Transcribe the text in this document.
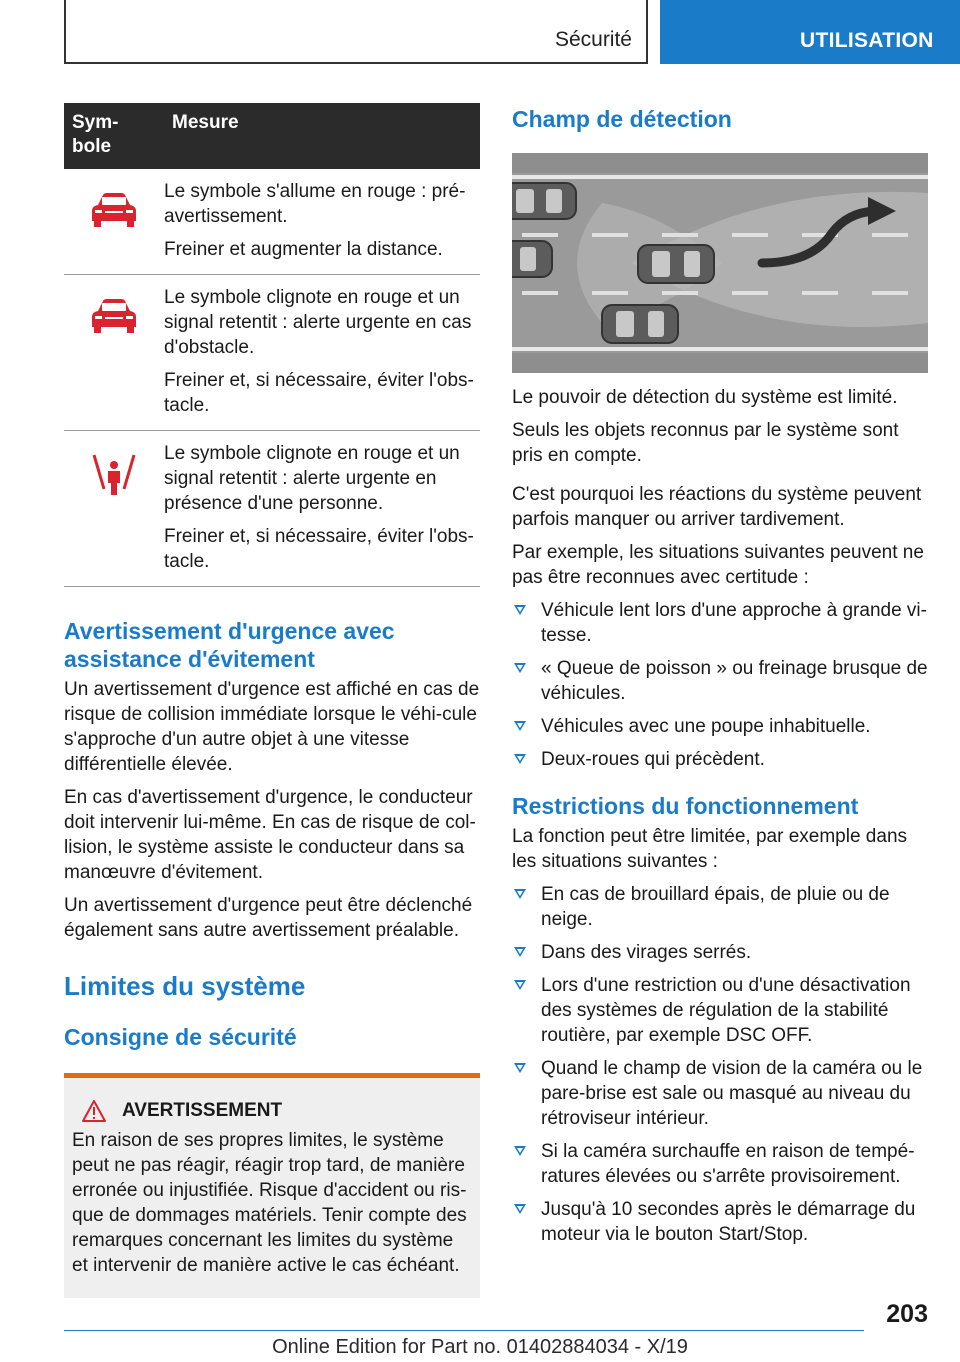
Sécurité	UTILISATION
Sym-
bole	Mesure

Le symbole s'allume en rouge : pré-avertissement.

Freiner et augmenter la distance.

Le symbole clignote en rouge et un signal retentit : alerte urgente en cas d'obstacle.

Freiner et, si nécessaire, éviter l'obs-tacle.

Le symbole clignote en rouge et un signal retentit : alerte urgente en présence d'une personne.

Freiner et, si nécessaire, éviter l'obs-tacle.

Avertissement d'urgence avec assistance d'évitement

Un avertissement d'urgence est affiché en cas de risque de collision immédiate lorsque le véhi-cule s'approche d'un autre objet à une vitesse différentielle élevée.

En cas d'avertissement d'urgence, le conducteur doit intervenir lui-même. En cas de risque de col-lision, le système assiste le conducteur dans sa manœuvre d'évitement.

Un avertissement d'urgence peut être déclenché également sans autre avertissement préalable.

Limites du système
Consigne de sécurité
AVERTISSEMENT

En raison de ses propres limites, le système peut ne pas réagir, réagir trop tard, de manière erronée ou injustifiée. Risque d'accident ou ris-que de dommages matériels. Tenir compte des remarques concernant les limites du système et intervenir de manière active le cas échéant.

Champ de détection

Le pouvoir de détection du système est limité.

Seuls les objets reconnus par le système sont pris en compte.

C'est pourquoi les réactions du système peuvent parfois manquer ou arriver tardivement.

Par exemple, les situations suivantes peuvent ne pas être reconnues avec certitude :

Véhicule lent lors d'une approche à grande vi-tesse.
« Queue de poisson » ou freinage brusque de véhicules.
Véhicules avec une poupe inhabituelle.
Deux-roues qui précèdent.
Restrictions du fonctionnement

La fonction peut être limitée, par exemple dans les situations suivantes :

En cas de brouillard épais, de pluie ou de neige.
Dans des virages serrés.
Lors d'une restriction ou d'une désactivation des systèmes de régulation de la stabilité routière, par exemple DSC OFF.
Quand le champ de vision de la caméra ou le pare-brise est sale ou masqué au niveau du rétroviseur intérieur.
Si la caméra surchauffe en raison de tempé-ratures élevées ou s'arrête provisoirement.
Jusqu'à 10 secondes après le démarrage du moteur via le bouton Start/Stop.
203
Online Edition for Part no. 01402884034 - X/19
